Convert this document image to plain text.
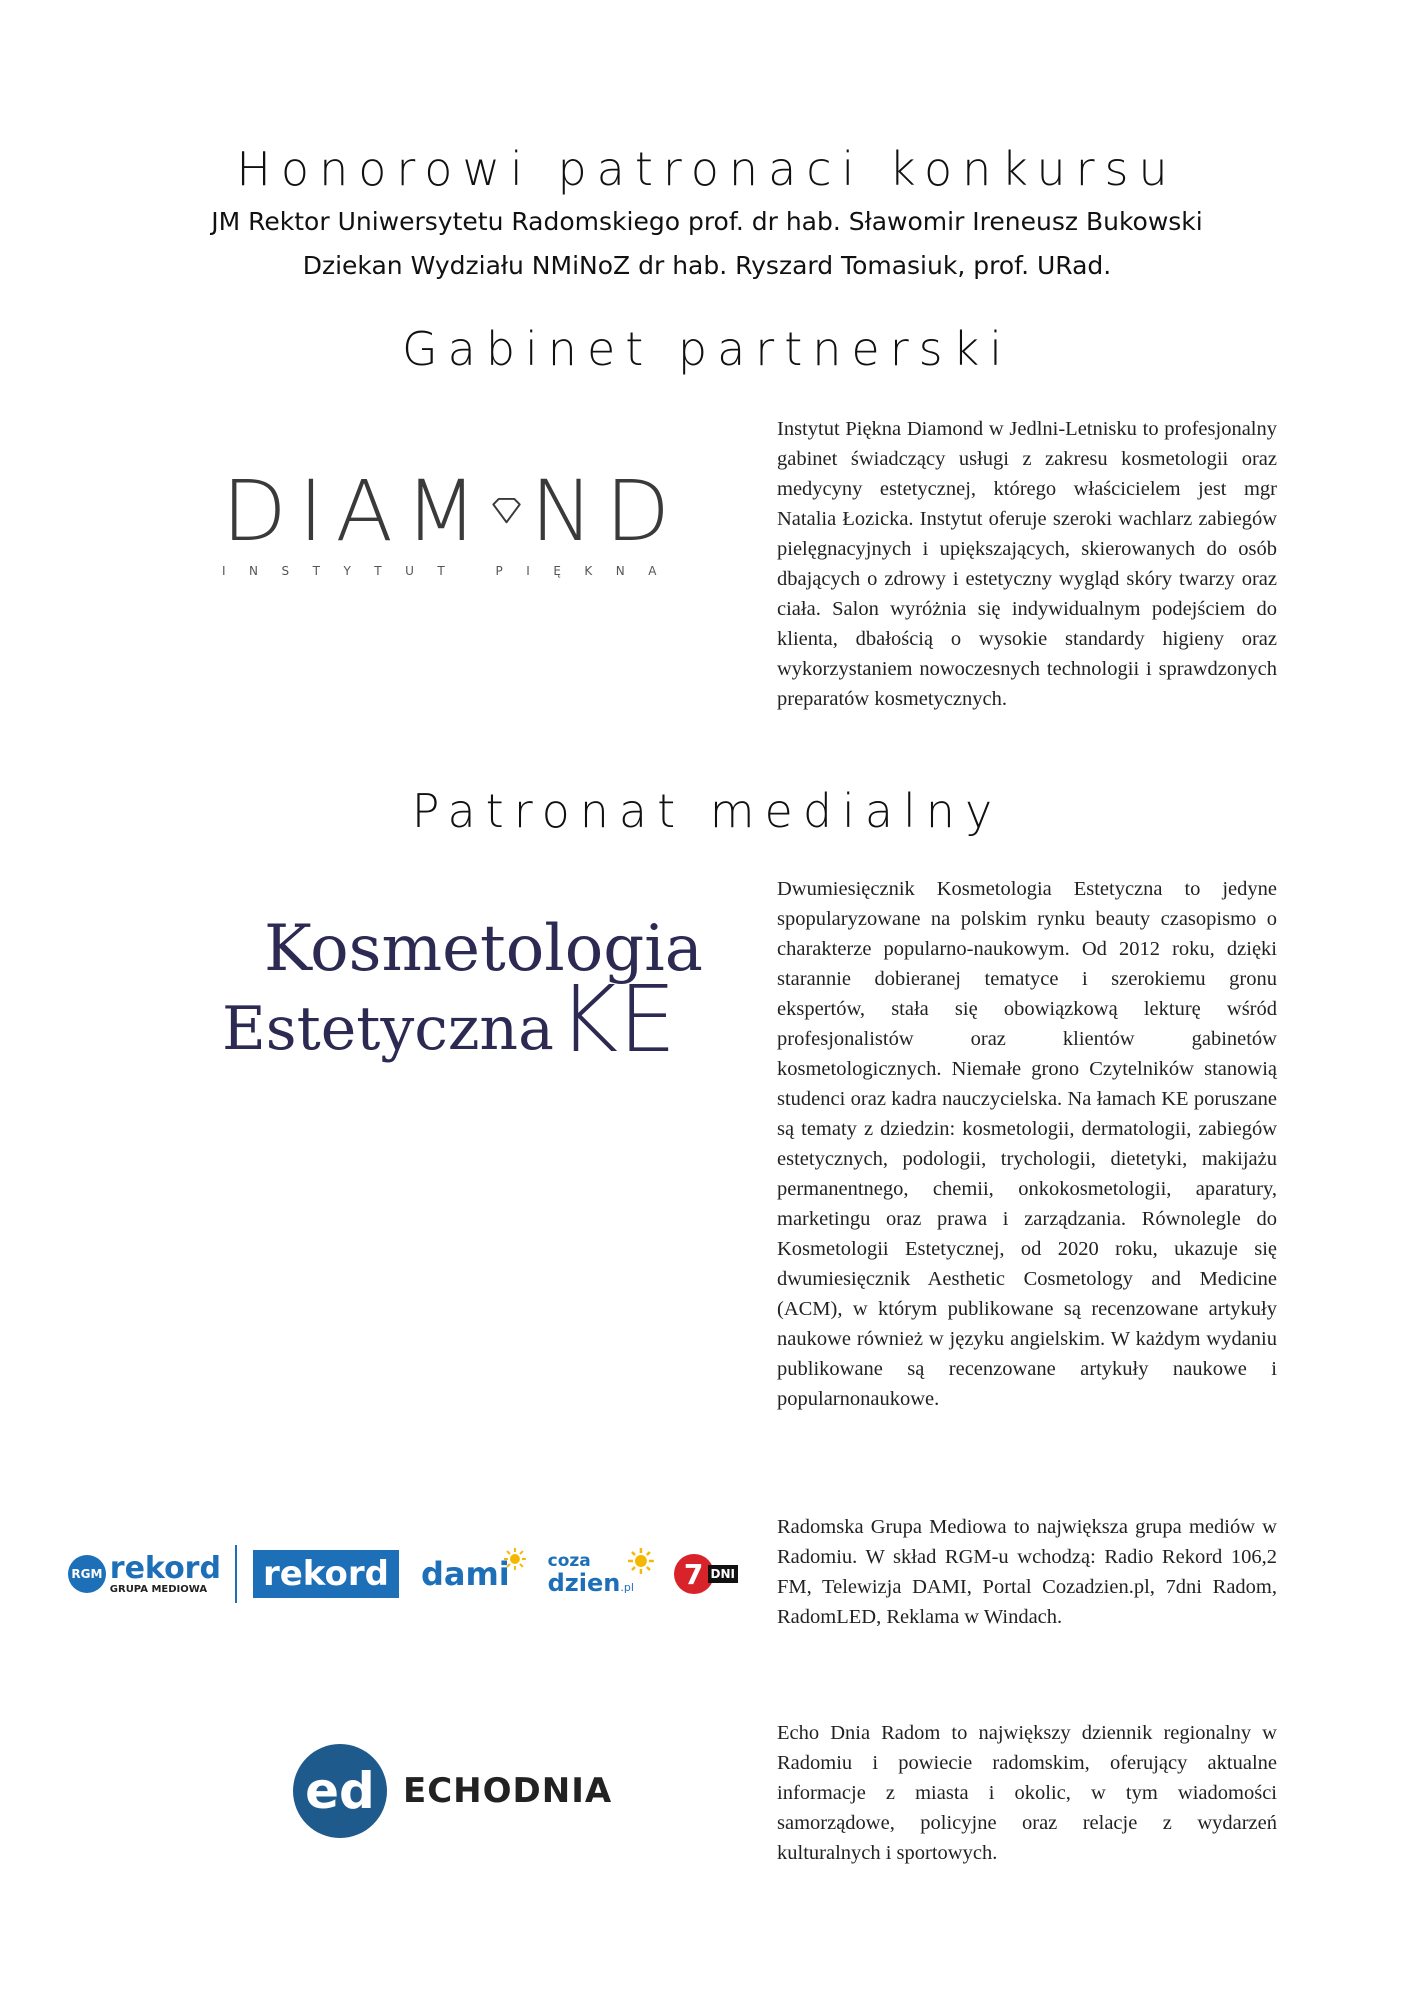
Honorowi patronaci konkursu
JM Rektor Uniwersytetu Radomskiego prof. dr hab. Sławomir Ireneusz Bukowski
Dziekan Wydziału NMiNoZ dr hab. Ryszard Tomasiuk, prof. URad.
Gabinet partnerski
DIAM ND
INSTYTUT PIĘKNA

Instytut Piękna Diamond w Jedlni-Letnisku to profesjonalny gabinet świadczący usługi z zakresu kosmetologii oraz medycyny estetycznej, którego właścicielem jest mgr Natalia Łozicka. Instytut oferuje szeroki wachlarz zabiegów pielęgnacyjnych i upiększających, skierowanych do osób dbających o zdrowy i estetyczny wygląd skóry twarzy oraz ciała. Salon wyróżnia się indywidualnym podejściem do klienta, dbałością o wysokie standardy higieny oraz wykorzystaniem nowoczesnych technologii i sprawdzonych preparatów kosmetycznych.

Patronat medialny
Kosmetologia
Estetyczna KE

Dwumiesięcznik Kosmetologia Estetyczna to jedyne spopularyzowane na polskim rynku beauty czasopismo o charakterze popularno-naukowym. Od 2012 roku, dzięki starannie dobieranej tematyce i szerokiemu gronu ekspertów, stała się obowiązkową lekturę wśród profesjonalistów oraz klientów gabinetów kosmetologicznych. Niemałe grono Czytelników stanowią studenci oraz kadra nauczycielska. Na łamach KE poruszane są tematy z dziedzin: kosmetologii, dermatologii, zabiegów estetycznych, podologii, trychologii, dietetyki, makijażu permanentnego, chemii, onkokosmetologii, aparatury, marketingu oraz prawa i zarządzania. Równolegle do Kosmetologii Estetycznej, od 2020 roku, ukazuje się dwumiesięcznik Aesthetic Cosmetology and Medicine (ACM), w którym publikowane są recenzowane artykuły naukowe również w języku angielskim. W każdym wydaniu publikowane są recenzowane artykuły naukowe i popularnonaukowe.

RGM rekord
GRUPA MEDIOWA rekord	dami coza
dzien.pl	7 DNI

Radomska Grupa Mediowa to największa grupa mediów w Radomiu. W skład RGM-u wchodzą: Radio Rekord 106,2 FM, Telewizja DAMI, Portal Cozadzien.pl, 7dni Radom, RadomLED, Reklama w Windach.

ed ECHODNIA

Echo Dnia Radom to największy dziennik regionalny w Radomiu i powiecie radomskim, oferujący aktualne informacje z miasta i okolic, w tym wiadomości samorządowe, policyjne oraz relacje z wydarzeń kulturalnych i sportowych.
